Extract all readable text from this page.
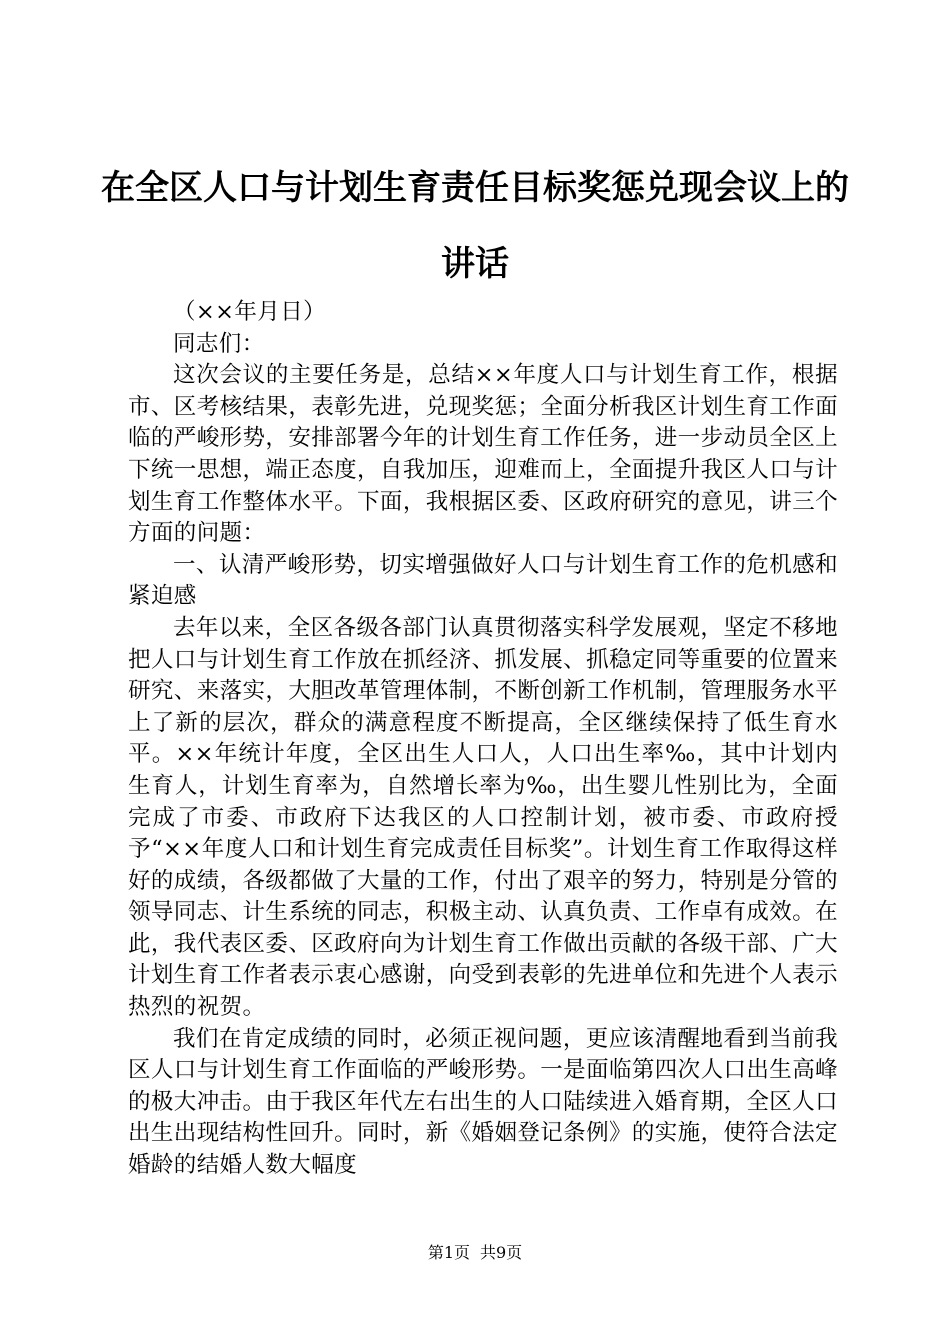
在全区人口与计划生育责任目标奖惩兑现会议上的讲话

（××年月日）

同志们：

这次会议的主要任务是，总结××年度人口与计划生育工作，根据市、区考核结果，表彰先进，兑现奖惩；全面分析我区计划生育工作面临的严峻形势，安排部署今年的计划生育工作任务，进一步动员全区上下统一思想，端正态度，自我加压，迎难而上，全面提升我区人口与计划生育工作整体水平。下面，我根据区委、区政府研究的意见，讲三个方面的问题：

一、认清严峻形势，切实增强做好人口与计划生育工作的危机感和紧迫感

去年以来，全区各级各部门认真贯彻落实科学发展观，坚定不移地把人口与计划生育工作放在抓经济、抓发展、抓稳定同等重要的位置来研究、来落实，大胆改革管理体制，不断创新工作机制，管理服务水平上了新的层次，群众的满意程度不断提高，全区继续保持了低生育水平。××年统计年度，全区出生人口人，人口出生率‰，其中计划内生育人，计划生育率为，自然增长率为‰，出生婴儿性别比为，全面完成了市委、市政府下达我区的人口控制计划，被市委、市政府授予“××年度人口和计划生育完成责任目标奖”。计划生育工作取得这样好的成绩，各级都做了大量的工作，付出了艰辛的努力，特别是分管的领导同志、计生系统的同志，积极主动、认真负责、工作卓有成效。在此，我代表区委、区政府向为计划生育工作做出贡献的各级干部、广大计划生育工作者表示衷心感谢，向受到表彰的先进单位和先进个人表示热烈的祝贺。

我们在肯定成绩的同时，必须正视问题，更应该清醒地看到当前我区人口与计划生育工作面临的严峻形势。一是面临第四次人口出生高峰的极大冲击。由于我区年代左右出生的人口陆续进入婚育期，全区人口出生出现结构性回升。同时，新《婚姻登记条例》的实施，使符合法定婚龄的结婚人数大幅度

第1页 共9页
